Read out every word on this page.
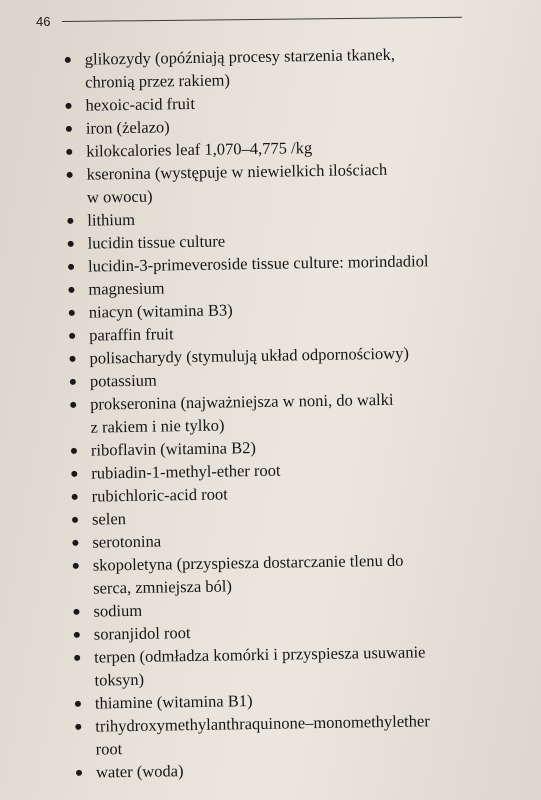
46
glikozydy (opóźniają procesy starzenia tkanek,
chronią przez rakiem)
hexoic-acid fruit
iron (żelazo)
kilokcalories leaf 1,070–4,775 /kg
kseronina (występuje w niewielkich ilościach
w owocu)
lithium
lucidin tissue culture
lucidin-3-primeveroside tissue culture: morindadiol
magnesium
niacyn (witamina B3)
paraffin fruit
polisacharydy (stymulują układ odpornościowy)
potassium
prokseronina (najważniejsza w noni, do walki
z rakiem i nie tylko)
riboflavin (witamina B2)
rubiadin-1-methyl-ether root
rubichloric-acid root
selen
serotonina
skopoletyna (przyspiesza dostarczanie tlenu do
serca, zmniejsza ból)
sodium
soranjidol root
terpen (odmładza komórki i przyspiesza usuwanie
toksyn)
thiamine (witamina B1)
trihydroxymethylanthraquinone–monomethylether
root
water (woda)
